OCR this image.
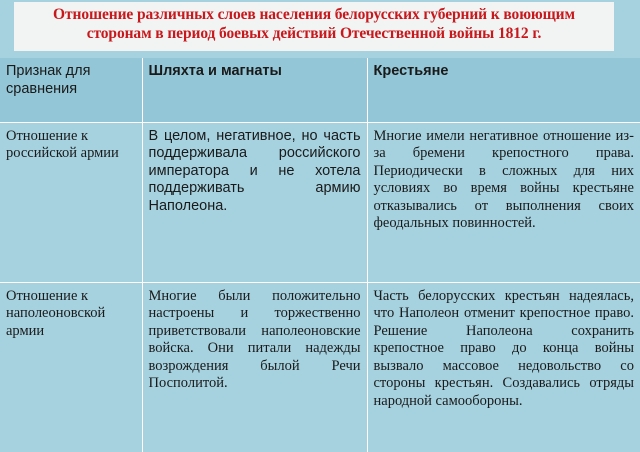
Отношение различных слоев населения белорусских губерний к воюющим сторонам в период боевых действий Отечественной войны 1812 г.
Признак для сравнения	Шляхта и магнаты	Крестьяне
Отношение к российской армии	В целом, негативное, но часть поддерживала российского императора и не хотела поддерживать армию Наполеона.	Многие имели негативное отношение из-за бремени крепостного права. Периодически в сложных для них условиях во время войны крестьяне отказывались от выполнения своих феодальных повинностей.
Отношение к наполеоновской армии	Многие были положительно настроены и торжественно приветствовали наполеоновские войска. Они питали надежды возрождения былой Речи Посполитой.	Часть белорусских крестьян надеялась, что Наполеон отменит крепостное право. Решение Наполеона сохранить крепостное право до конца войны вызвало массовое недовольство со стороны крестьян. Создавались отряды народной самообороны.
